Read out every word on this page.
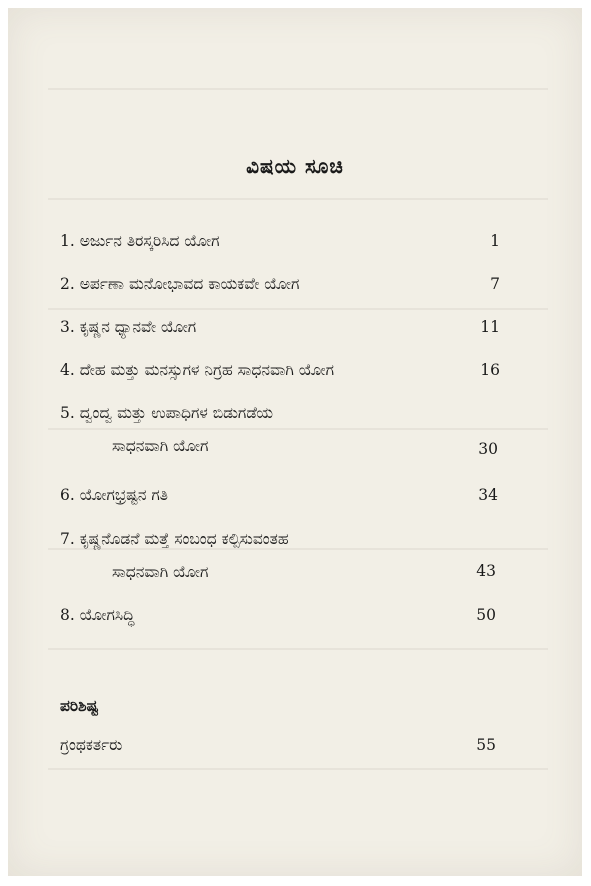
ವಿಷಯ ಸೂಚಿ
1. ಅರ್ಜುನ ತಿರಸ್ಕರಿಸಿದ ಯೋಗ	1
2. ಅರ್ಪಣಾ ಮನೋಭಾವದ ಕಾಯಕವೇ ಯೋಗ	7
3. ಕೃಷ್ಣನ ಧ್ಯಾನವೇ ಯೋಗ	11
4. ದೇಹ ಮತ್ತು ಮನಸ್ಸುಗಳ ನಿಗ್ರಹ ಸಾಧನವಾಗಿ ಯೋಗ	16
5. ದ್ವಂದ್ವ ಮತ್ತು ಉಪಾಧಿಗಳ ಬಿಡುಗಡೆಯ
ಸಾಧನವಾಗಿ ಯೋಗ	30
6. ಯೋಗಭ್ರಷ್ಟನ ಗತಿ	34
7. ಕೃಷ್ಣನೊಡನೆ ಮತ್ತೆ ಸಂಬಂಧ ಕಲ್ಪಿಸುವಂತಹ
ಸಾಧನವಾಗಿ ಯೋಗ	43
8. ಯೋಗಸಿದ್ಧಿ	50
ಪರಿಶಿಷ್ಟ
ಗ್ರಂಥಕರ್ತರು	55
